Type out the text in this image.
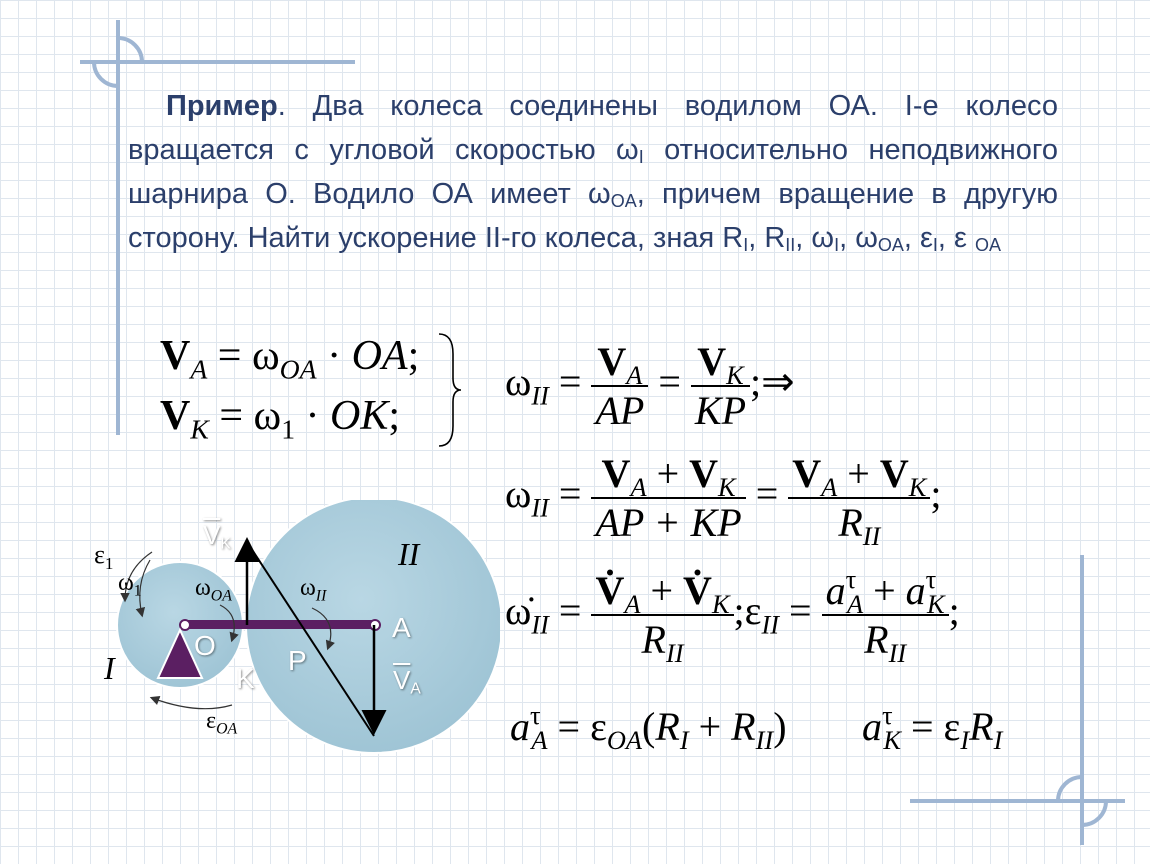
Пример. Два колеса соединены водилом ОА. I-е колесо вращается с угловой скоростью $\omega_I$ относительно неподвижного шарнира О. Водило ОА имеет $\omega_{OA}$, причем вращение в другую сторону. Найти ускорение II-го колеса, зная $R_I$, $R_{II}$, $\omega_I$, $\omega_{OA}$, $\varepsilon_I$, ε $_{OA}$
$V_A = \omega_{OA}$ · OA;
$V_K = \omega_1$ · OK;
$\omega_{II} = \frac{V_A}{AP} = \frac{V_K}{KP}$ ;⇒
$\omega_{II} = \frac{V_A + V_K}{AP + KP} = \frac{V_A + V_K}{R_{II}}$ ;
$\omegȧ_{II} = \frac{V̇_A + V̇_K}{R_{II}}$ $;\varepsilon_{II} = \frac{a^\tau_A + a^\tau_K}{R_{II}}$ ;
$a^\tau_A = \varepsilon_{OA}(R_I + R_{II}) a^\tau_K = \varepsilon_IR_I$
$\varepsilon_1$
$\omega_1$ $\omega_{OA}$	$\omega_{II}$
$\varepsilon_{OA}$
II
I
$\overline{V}_K$
$\overline{V}_A$
O
A
P
K
